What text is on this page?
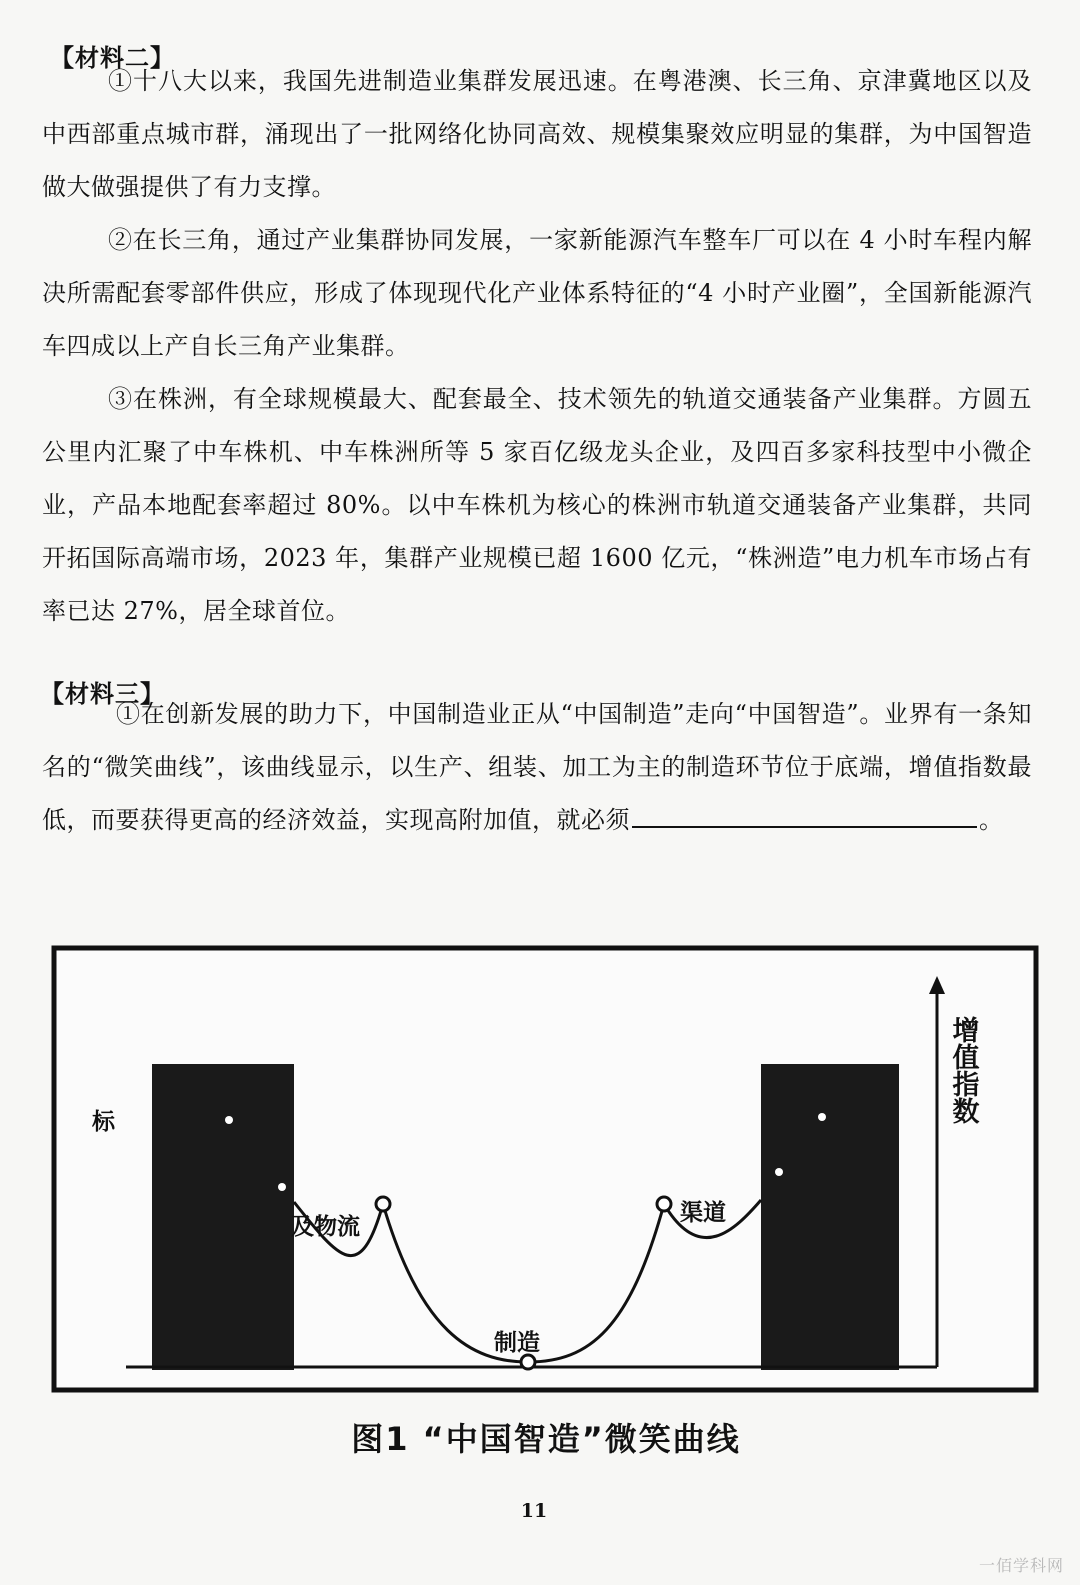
【材料二】

①十八大以来，我国先进制造业集群发展迅速。在粤港澳、长三角、京津冀地区以及中西部重点城市群，涌现出了一批网络化协同高效、规模集聚效应明显的集群，为中国智造做大做强提供了有力支撑。

②在长三角，通过产业集群协同发展，一家新能源汽车整车厂可以在 4 小时车程内解决所需配套零部件供应，形成了体现现代化产业体系特征的“4 小时产业圈”，全国新能源汽车四成以上产自长三角产业集群。

③在株洲，有全球规模最大、配套最全、技术领先的轨道交通装备产业集群。方圆五公里内汇聚了中车株机、中车株洲所等 5 家百亿级龙头企业，及四百多家科技型中小微企业，产品本地配套率超过 80%。以中车株机为核心的株洲市轨道交通装备产业集群，共同开拓国际高端市场，2023 年，集群产业规模已超 1600 亿元，“株洲造”电力机车市场占有率已达 27%，居全球首位。

【材料三】

①在创新发展的助力下，中国制造业正从“中国制造”走向“中国智造”。业界有一条知名的“微笑曲线”，该曲线显示，以生产、组装、加工为主的制造环节位于底端，增值指数最低，而要获得更高的经济效益，实现高附加值，就必须	。

及物流
制造
渠道
标	增值指数
图1 “中国智造”微笑曲线
11
一佰学科网
